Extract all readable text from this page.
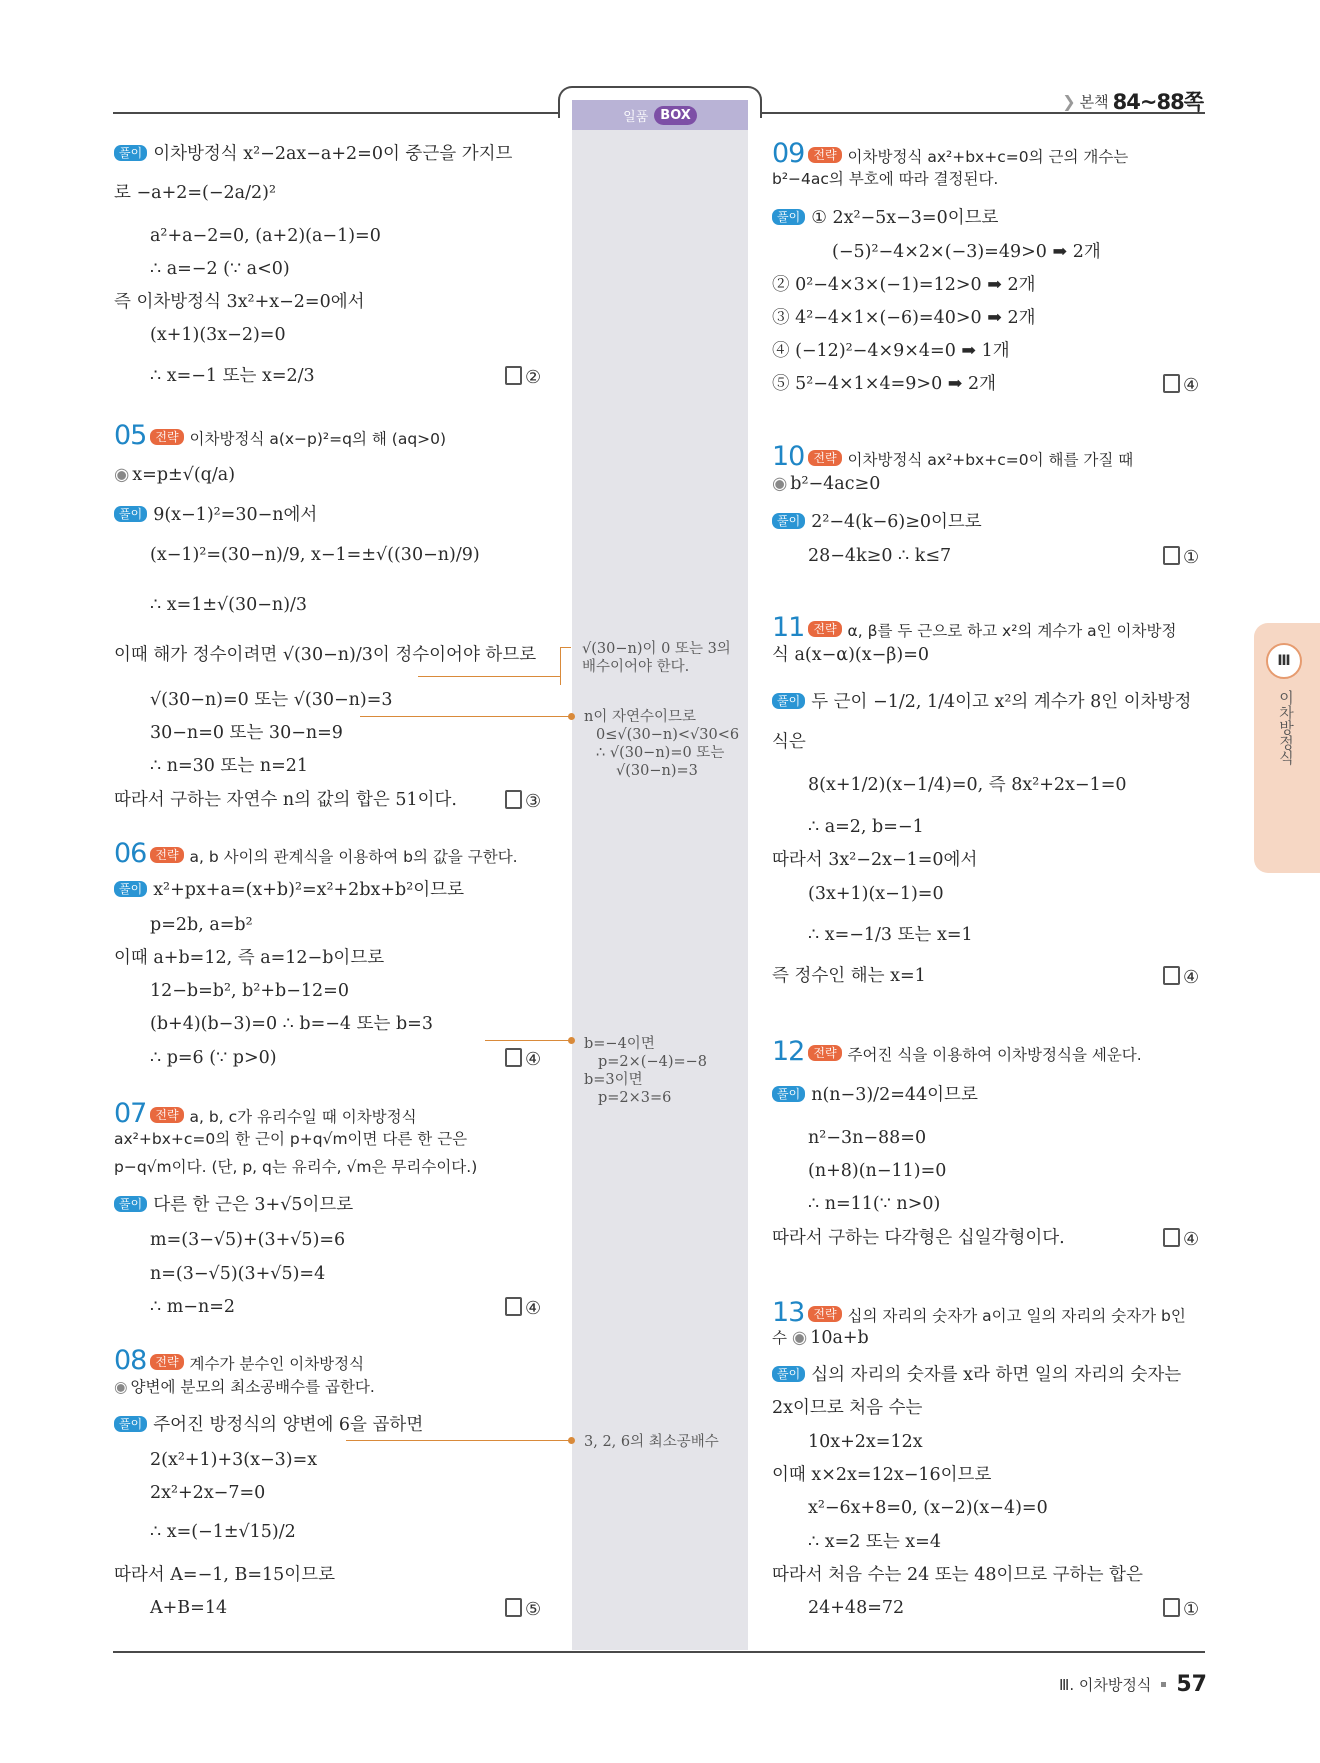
일품 BOX
❯ 본책 84~88쪽
풀이 이차방정식 x²−2ax−a+2=0이 중근을 가지므
로 −a+2=(−2a/2)²
a²+a−2=0, (a+2)(a−1)=0
∴ a=−2 (∵ a<0)
즉 이차방정식 3x²+x−2=0에서
(x+1)(3x−2)=0
∴ x=−1 또는 x=2/3	②
05 전략 이차방정식 a(x−p)²=q의 해 (aq>0)
◉ x=p±√(q/a)
풀이 9(x−1)²=30−n에서
(x−1)²=(30−n)/9, x−1=±√((30−n)/9)
∴ x=1±√(30−n)/3
이때 해가 정수이려면 √(30−n)/3이 정수이어야 하므로
√(30−n)=0 또는 √(30−n)=3
30−n=0 또는 30−n=9
∴ n=30 또는 n=21
따라서 구하는 자연수 n의 값의 합은 51이다.	③
06 전략 a, b 사이의 관계식을 이용하여 b의 값을 구한다.
풀이 x²+px+a=(x+b)²=x²+2bx+b²이므로
p=2b, a=b²
이때 a+b=12, 즉 a=12−b이므로
12−b=b², b²+b−12=0
(b+4)(b−3)=0 ∴ b=−4 또는 b=3
∴ p=6 (∵ p>0)	④
07 전략 a, b, c가 유리수일 때 이차방정식
ax²+bx+c=0의 한 근이 p+q√m이면 다른 한 근은
p−q√m이다. (단, p, q는 유리수, √m은 무리수이다.)
풀이 다른 한 근은 3+√5이므로
m=(3−√5)+(3+√5)=6
n=(3−√5)(3+√5)=4
∴ m−n=2	④
08 전략 계수가 분수인 이차방정식
◉ 양변에 분모의 최소공배수를 곱한다.
풀이 주어진 방정식의 양변에 6을 곱하면
2(x²+1)+3(x−3)=x
2x²+2x−7=0
∴ x=(−1±√15)/2
따라서 A=−1, B=15이므로
A+B=14	⑤
√(30−n)이 0 또는 3의
배수이어야 한다.
n이 자연수이므로
0≤√(30−n)<√30<6
∴ √(30−n)=0 또는
√(30−n)=3
b=−4이면
p=2×(−4)=−8
b=3이면
p=2×3=6
3, 2, 6의 최소공배수
09 전략 이차방정식 ax²+bx+c=0의 근의 개수는
b²−4ac의 부호에 따라 결정된다.
풀이 ① 2x²−5x−3=0이므로
(−5)²−4×2×(−3)=49>0 ➡ 2개
② 0²−4×3×(−1)=12>0 ➡ 2개
③ 4²−4×1×(−6)=40>0 ➡ 2개
④ (−12)²−4×9×4=0 ➡ 1개
⑤ 5²−4×1×4=9>0 ➡ 2개	④
10 전략 이차방정식 ax²+bx+c=0이 해를 가질 때
◉ b²−4ac≥0
풀이 2²−4(k−6)≥0이므로
28−4k≥0 ∴ k≤7	①
11 전략 α, β를 두 근으로 하고 x²의 계수가 a인 이차방정
식 a(x−α)(x−β)=0
풀이 두 근이 −1/2, 1/4이고 x²의 계수가 8인 이차방정
식은
8(x+1/2)(x−1/4)=0, 즉 8x²+2x−1=0
∴ a=2, b=−1
따라서 3x²−2x−1=0에서
(3x+1)(x−1)=0
∴ x=−1/3 또는 x=1
즉 정수인 해는 x=1	④
12 전략 주어진 식을 이용하여 이차방정식을 세운다.
풀이 n(n−3)/2=44이므로
n²−3n−88=0
(n+8)(n−11)=0
∴ n=11(∵ n>0)
따라서 구하는 다각형은 십일각형이다.	④
13 전략 십의 자리의 숫자가 a이고 일의 자리의 숫자가 b인
수 ◉ 10a+b
풀이 십의 자리의 숫자를 x라 하면 일의 자리의 숫자는
2x이므로 처음 수는
10x+2x=12x
이때 x×2x=12x−16이므로
x²−6x+8=0, (x−2)(x−4)=0
∴ x=2 또는 x=4
따라서 처음 수는 24 또는 48이므로 구하는 합은
24+48=72	①
Ⅲ
이차방정식
Ⅲ. 이차방정식 57
